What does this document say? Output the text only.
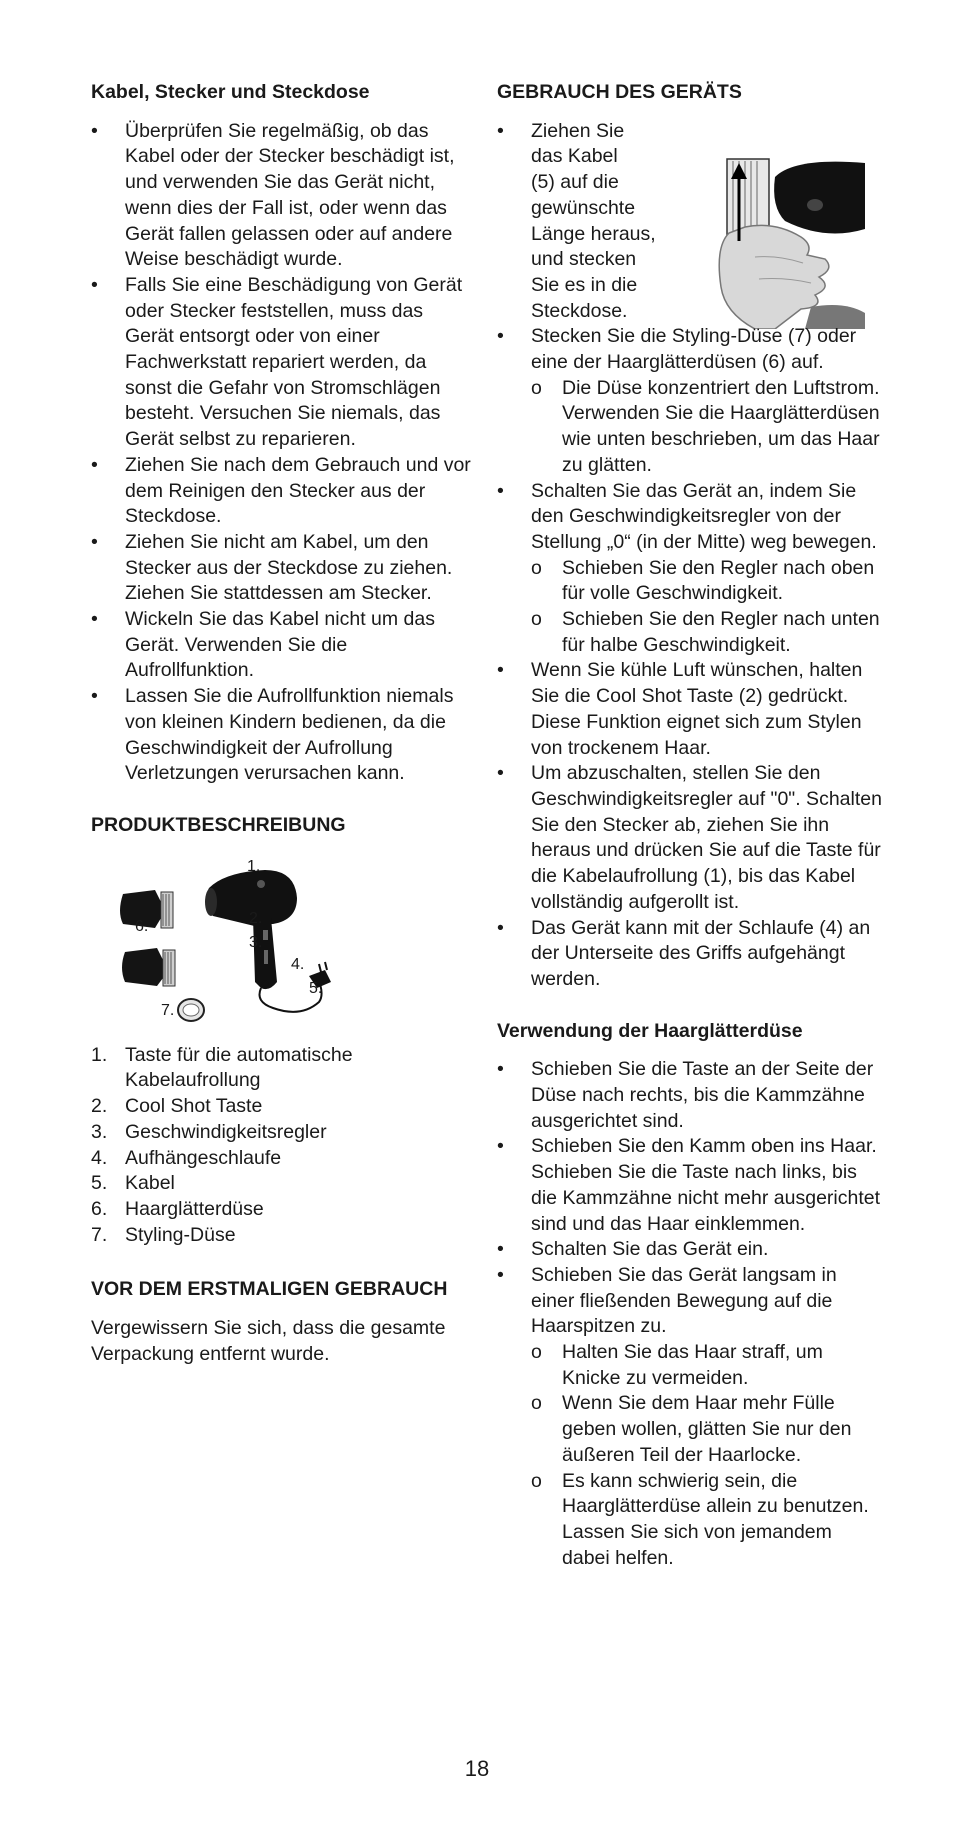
Kabel, Stecker und Steckdose
• Überprüfen Sie regelmäßig, ob das Kabel oder der Stecker beschädigt ist, und verwenden Sie das Gerät nicht, wenn dies der Fall ist, oder wenn das Gerät fallen gelassen oder auf andere Weise beschädigt wurde.
• Falls Sie eine Beschädigung von Gerät oder Stecker feststellen, muss das Gerät entsorgt oder von einer Fachwerkstatt repariert werden, da sonst die Gefahr von Stromschlägen besteht. Versuchen Sie niemals, das Gerät selbst zu reparieren.
• Ziehen Sie nach dem Gebrauch und vor dem Reinigen den Stecker aus der Steckdose.
• Ziehen Sie nicht am Kabel, um den Stecker aus der Steckdose zu ziehen. Ziehen Sie stattdessen am Stecker.
• Wickeln Sie das Kabel nicht um das Gerät. Verwenden Sie die Aufrollfunktion.
• Lassen Sie die Aufrollfunktion niemals von kleinen Kindern bedienen, da die Geschwindigkeit der Aufrollung Verletzungen verursachen kann.
PRODUKTBESCHREIBUNG
1.
2.
3.
4.
5.
6.
7.
1. Taste für die automatische Kabelaufrollung
2. Cool Shot Taste
3. Geschwindigkeitsregler
4. Aufhängeschlaufe
5. Kabel
6. Haarglätterdüse
7. Styling-Düse
VOR DEM ERSTMALIGEN GEBRAUCH

Vergewissern Sie sich, dass die gesamte Verpackung entfernt wurde.

GEBRAUCH DES GERÄTS
• Ziehen Sie
das Kabel
(5) auf die
gewünschte
Länge heraus,
und stecken
Sie es in die
Steckdose.
• Stecken Sie die Styling-Düse (7) oder eine der Haarglätterdüsen (6) auf.
o Die Düse konzentriert den Luftstrom. Verwenden Sie die Haarglätterdüsen wie unten beschrieben, um das Haar zu glätten.
• Schalten Sie das Gerät an, indem Sie den Geschwindigkeitsregler von der Stellung „0“ (in der Mitte) weg bewegen.
o Schieben Sie den Regler nach oben für volle Geschwindigkeit.
o Schieben Sie den Regler nach unten für halbe Geschwindigkeit.
• Wenn Sie kühle Luft wünschen, halten Sie die Cool Shot Taste (2) gedrückt. Diese Funktion eignet sich zum Stylen von trockenem Haar.
• Um abzuschalten, stellen Sie den Geschwindigkeitsregler auf "0". Schalten Sie den Stecker ab, ziehen Sie ihn heraus und drücken Sie auf die Taste für die Kabelaufrollung (1), bis das Kabel vollständig aufgerollt ist.
• Das Gerät kann mit der Schlaufe (4) an der Unterseite des Griffs aufgehängt werden.
Verwendung der Haarglätterdüse
• Schieben Sie die Taste an der Seite der Düse nach rechts, bis die Kammzähne ausgerichtet sind.
• Schieben Sie den Kamm oben ins Haar. Schieben Sie die Taste nach links, bis die Kammzähne nicht mehr ausgerichtet sind und das Haar einklemmen.
• Schalten Sie das Gerät ein.
• Schieben Sie das Gerät langsam in einer fließenden Bewegung auf die Haarspitzen zu.
o Halten Sie das Haar straff, um Knicke zu vermeiden.
o Wenn Sie dem Haar mehr Fülle geben wollen, glätten Sie nur den äußeren Teil der Haarlocke.
o Es kann schwierig sein, die Haarglätterdüse allein zu benutzen. Lassen Sie sich von jemandem dabei helfen.
18
